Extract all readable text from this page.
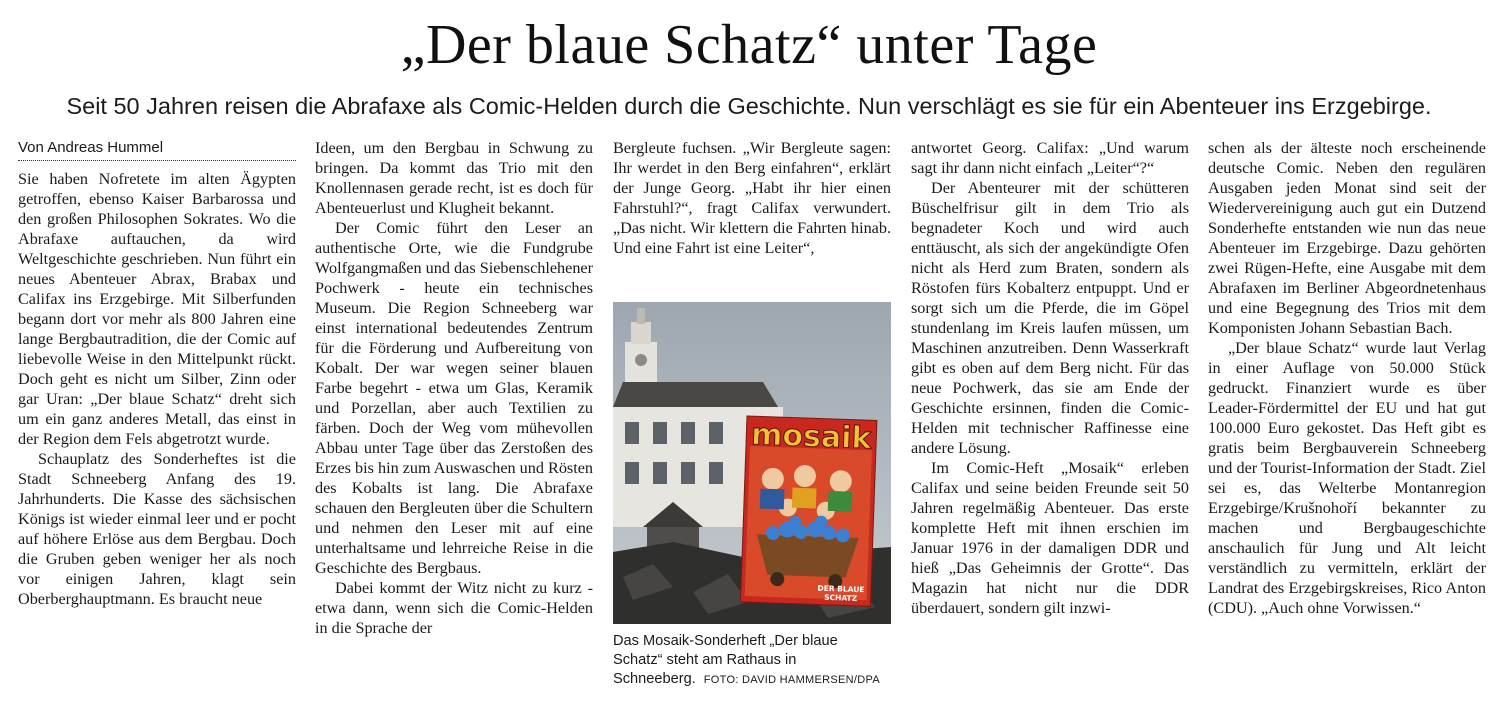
„Der blaue Schatz“ unter Tage
Seit 50 Jahren reisen die Abrafaxe als Comic-Helden durch die Geschichte. Nun verschlägt es sie für ein Abenteuer ins Erzgebirge.
Von Andreas Hummel

Sie haben Nofretete im alten Ägypten getroffen, ebenso Kaiser Barbarossa und den großen Philosophen Sokrates. Wo die Abrafaxe auftauchen, da wird Weltgeschichte geschrieben. Nun führt ein neues Abenteuer Abrax, Brabax und Califax ins Erzgebirge. Mit Silberfunden begann dort vor mehr als 800 Jahren eine lange Bergbautradition, die der Comic auf liebevolle Weise in den Mittelpunkt rückt. Doch geht es nicht um Silber, Zinn oder gar Uran: „Der blaue Schatz“ dreht sich um ein ganz anderes Metall, das einst in der Region dem Fels abgetrotzt wurde.

Schauplatz des Sonderheftes ist die Stadt Schneeberg Anfang des 19. Jahrhunderts. Die Kasse des sächsischen Königs ist wieder einmal leer und er pocht auf höhere Erlöse aus dem Bergbau. Doch die Gruben geben weniger her als noch vor einigen Jahren, klagt sein Oberberghauptmann. Es braucht neue

Ideen, um den Bergbau in Schwung zu bringen. Da kommt das Trio mit den Knollennasen gerade recht, ist es doch für Abenteuerlust und Klugheit bekannt.

Der Comic führt den Leser an authentische Orte, wie die Fundgrube Wolfgangmaßen und das Siebenschlehener Pochwerk - heute ein technisches Museum. Die Region Schneeberg war einst international bedeutendes Zentrum für die Förderung und Aufbereitung von Kobalt. Der war wegen seiner blauen Farbe begehrt - etwa um Glas, Keramik und Porzellan, aber auch Textilien zu färben. Doch der Weg vom mühevollen Abbau unter Tage über das Zerstoßen des Erzes bis hin zum Auswaschen und Rösten des Kobalts ist lang. Die Abrafaxe schauen den Bergleuten über die Schultern und nehmen den Leser mit auf eine unterhaltsame und lehrreiche Reise in die Geschichte des Bergbaus.

Dabei kommt der Witz nicht zu kurz - etwa dann, wenn sich die Comic-Helden in die Sprache der

Bergleute fuchsen. „Wir Bergleute sagen: Ihr werdet in den Berg einfahren“, erklärt der Junge Georg. „Habt ihr hier einen Fahrstuhl?“, fragt Califax verwundert. „Das nicht. Wir klettern die Fahrten hinab. Und eine Fahrt ist eine Leiter“,

mosaik
DER BLAUE
SCHATZ
Das Mosaik-Sonderheft „Der blaue Schatz“ steht am Rathaus in Schneeberg. FOTO: DAVID HAMMERSEN/DPA

antwortet Georg. Califax: „Und warum sagt ihr dann nicht einfach „Leiter“?“

Der Abenteurer mit der schütteren Büschelfrisur gilt in dem Trio als begnadeter Koch und wird auch enttäuscht, als sich der angekündigte Ofen nicht als Herd zum Braten, sondern als Röstofen fürs Kobalterz entpuppt. Und er sorgt sich um die Pferde, die im Göpel stundenlang im Kreis laufen müssen, um Maschinen anzutreiben. Denn Wasserkraft gibt es oben auf dem Berg nicht. Für das neue Pochwerk, das sie am Ende der Geschichte ersinnen, finden die Comic-Helden mit technischer Raffinesse eine andere Lösung.

Im Comic-Heft „Mosaik“ erleben Califax und seine beiden Freunde seit 50 Jahren regelmäßig Abenteuer. Das erste komplette Heft mit ihnen erschien im Januar 1976 in der damaligen DDR und hieß „Das Geheimnis der Grotte“. Das Magazin hat nicht nur die DDR überdauert, sondern gilt inzwi-

schen als der älteste noch erscheinende deutsche Comic. Neben den regulären Ausgaben jeden Monat sind seit der Wiedervereinigung auch gut ein Dutzend Sonderhefte entstanden wie nun das neue Abenteuer im Erzgebirge. Dazu gehörten zwei Rügen-Hefte, eine Ausgabe mit dem Abrafaxen im Berliner Abgeordnetenhaus und eine Begegnung des Trios mit dem Komponisten Johann Sebastian Bach.

„Der blaue Schatz“ wurde laut Verlag in einer Auflage von 50.000 Stück gedruckt. Finanziert wurde es über Leader-Fördermittel der EU und hat gut 100.000 Euro gekostet. Das Heft gibt es gratis beim Bergbauverein Schneeberg und der Tourist-Information der Stadt. Ziel sei es, das Welterbe Montanregion Erzgebirge/Krušnohoří bekannter zu machen und Bergbaugeschichte anschaulich für Jung und Alt leicht verständlich zu vermitteln, erklärt der Landrat des Erzgebirgskreises, Rico Anton (CDU). „Auch ohne Vorwissen.“
